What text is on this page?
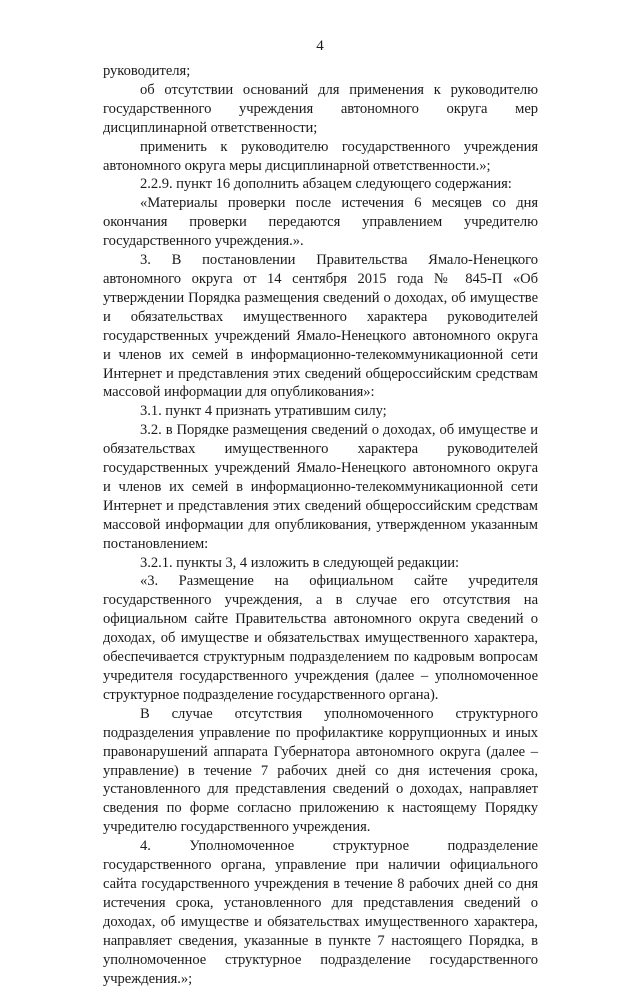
4

руководителя;

об отсутствии оснований для применения к руководителю государственного учреждения автономного округа мер дисциплинарной ответственности;

применить к руководителю государственного учреждения автономного округа меры дисциплинарной ответственности.»;

2.2.9. пункт 16 дополнить абзацем следующего содержания:

«Материалы проверки после истечения 6 месяцев со дня окончания проверки передаются управлением учредителю государственного учреждения.».

3. В постановлении Правительства Ямало-Ненецкого автономного округа от 14 сентября 2015 года № 845-П «Об утверждении Порядка размещения сведений о доходах, об имуществе и обязательствах имущественного характера руководителей государственных учреждений Ямало-Ненецкого автономного округа и членов их семей в информационно-телекоммуникационной сети Интернет и представления этих сведений общероссийским средствам массовой информации для опубликования»:

3.1. пункт 4 признать утратившим силу;

3.2. в Порядке размещения сведений о доходах, об имуществе и обязательствах имущественного характера руководителей государственных учреждений Ямало-Ненецкого автономного округа и членов их семей в информационно-телекоммуникационной сети Интернет и представления этих сведений общероссийским средствам массовой информации для опубликования, утвержденном указанным постановлением:

3.2.1. пункты 3, 4 изложить в следующей редакции:

«3. Размещение на официальном сайте учредителя государственного учреждения, а в случае его отсутствия на официальном сайте Правительства автономного округа сведений о доходах, об имуществе и обязательствах имущественного характера, обеспечивается структурным подразделением по кадровым вопросам учредителя государственного учреждения (далее – уполномоченное структурное подразделение государственного органа).

В случае отсутствия уполномоченного структурного подразделения управление по профилактике коррупционных и иных правонарушений аппарата Губернатора автономного округа (далее – управление) в течение 7 рабочих дней со дня истечения срока, установленного для представления сведений о доходах, направляет сведения по форме согласно приложению к настоящему Порядку учредителю государственного учреждения.

4. Уполномоченное структурное подразделение государственного органа, управление при наличии официального сайта государственного учреждения в течение 8 рабочих дней со дня истечения срока, установленного для представления сведений о доходах, об имуществе и обязательствах имущественного характера, направляет сведения, указанные в пункте 7 настоящего Порядка, в уполномоченное структурное подразделение государственного учреждения.»;
